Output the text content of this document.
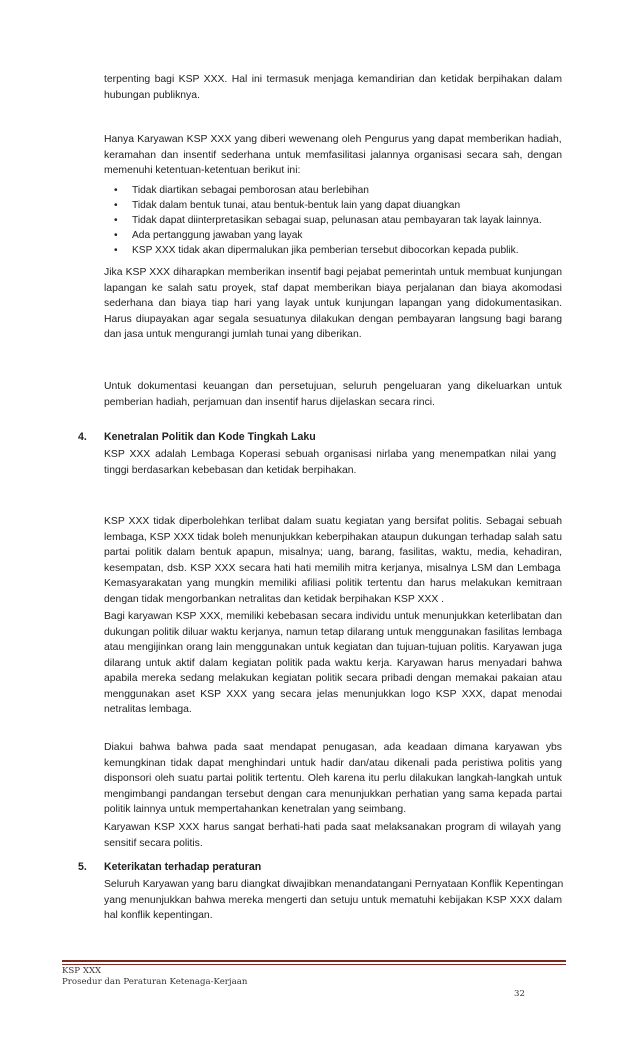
terpenting bagi KSP XXX. Hal ini termasuk menjaga kemandirian dan ketidak berpihakan dalam
hubungan publiknya.
Hanya Karyawan KSP XXX yang diberi wewenang oleh Pengurus yang dapat memberikan hadiah,
keramahan dan insentif sederhana untuk memfasilitasi jalannya organisasi secara sah, dengan
memenuhi ketentuan-ketentuan berikut ini:
• Tidak diartikan sebagai pemborosan atau berlebihan
• Tidak dalam bentuk tunai, atau bentuk-bentuk lain yang dapat diuangkan
• Tidak dapat diinterpretasikan sebagai suap, pelunasan atau pembayaran tak layak lainnya.
• Ada pertanggung jawaban yang layak
• KSP XXX tidak akan dipermalukan jika pemberian tersebut dibocorkan kepada publik.
Jika KSP XXX diharapkan memberikan insentif bagi pejabat pemerintah untuk membuat kunjungan
lapangan ke salah satu proyek, staf dapat memberikan biaya perjalanan dan biaya akomodasi
sederhana dan biaya tiap hari yang layak untuk kunjungan lapangan yang didokumentasikan.
Harus diupayakan agar segala sesuatunya dilakukan dengan pembayaran langsung bagi barang
dan jasa untuk mengurangi jumlah tunai yang diberikan.
Untuk dokumentasi keuangan dan persetujuan, seluruh pengeluaran yang dikeluarkan untuk
pemberian hadiah, perjamuan dan insentif harus dijelaskan secara rinci.
4. Kenetralan Politik dan Kode Tingkah Laku
KSP XXX adalah Lembaga Koperasi sebuah organisasi nirlaba yang menempatkan nilai yang
tinggi berdasarkan kebebasan dan ketidak berpihakan.
KSP XXX tidak diperbolehkan terlibat dalam suatu kegiatan yang bersifat politis. Sebagai sebuah
lembaga, KSP XXX tidak boleh menunjukkan keberpihakan ataupun dukungan terhadap salah satu
partai politik dalam bentuk apapun, misalnya; uang, barang, fasilitas, waktu, media, kehadiran,
kesempatan, dsb. KSP XXX secara hati hati memilih mitra kerjanya, misalnya LSM dan Lembaga
Kemasyarakatan yang mungkin memiliki afiliasi politik tertentu dan harus melakukan kemitraan
dengan tidak mengorbankan netralitas dan ketidak berpihakan KSP XXX .
Bagi karyawan KSP XXX, memiliki kebebasan secara individu untuk menunjukkan keterlibatan dan
dukungan politik diluar waktu kerjanya, namun tetap dilarang untuk menggunakan fasilitas lembaga
atau mengijinkan orang lain menggunakan untuk kegiatan dan tujuan-tujuan politis. Karyawan juga
dilarang untuk aktif dalam kegiatan politik pada waktu kerja. Karyawan harus menyadari bahwa
apabila mereka sedang melakukan kegiatan politik secara pribadi dengan memakai pakaian atau
menggunakan aset KSP XXX yang secara jelas menunjukkan logo KSP XXX, dapat menodai
netralitas lembaga.
Diakui bahwa bahwa pada saat mendapat penugasan, ada keadaan dimana karyawan ybs
kemungkinan tidak dapat menghindari untuk hadir dan/atau dikenali pada peristiwa politis yang
disponsori oleh suatu partai politik tertentu. Oleh karena itu perlu dilakukan langkah-langkah untuk
mengimbangi pandangan tersebut dengan cara menunjukkan perhatian yang sama kepada partai
politik lainnya untuk mempertahankan kenetralan yang seimbang.
Karyawan KSP XXX harus sangat berhati-hati pada saat melaksanakan program di wilayah yang
sensitif secara politis.
5. Keterikatan terhadap peraturan
Seluruh Karyawan yang baru diangkat diwajibkan menandatangani Pernyataan Konflik Kepentingan
yang menunjukkan bahwa mereka mengerti dan setuju untuk mematuhi kebijakan KSP XXX dalam
hal konflik kepentingan.
KSP XXX
Prosedur dan Peraturan Ketenaga-Kerjaan
32
